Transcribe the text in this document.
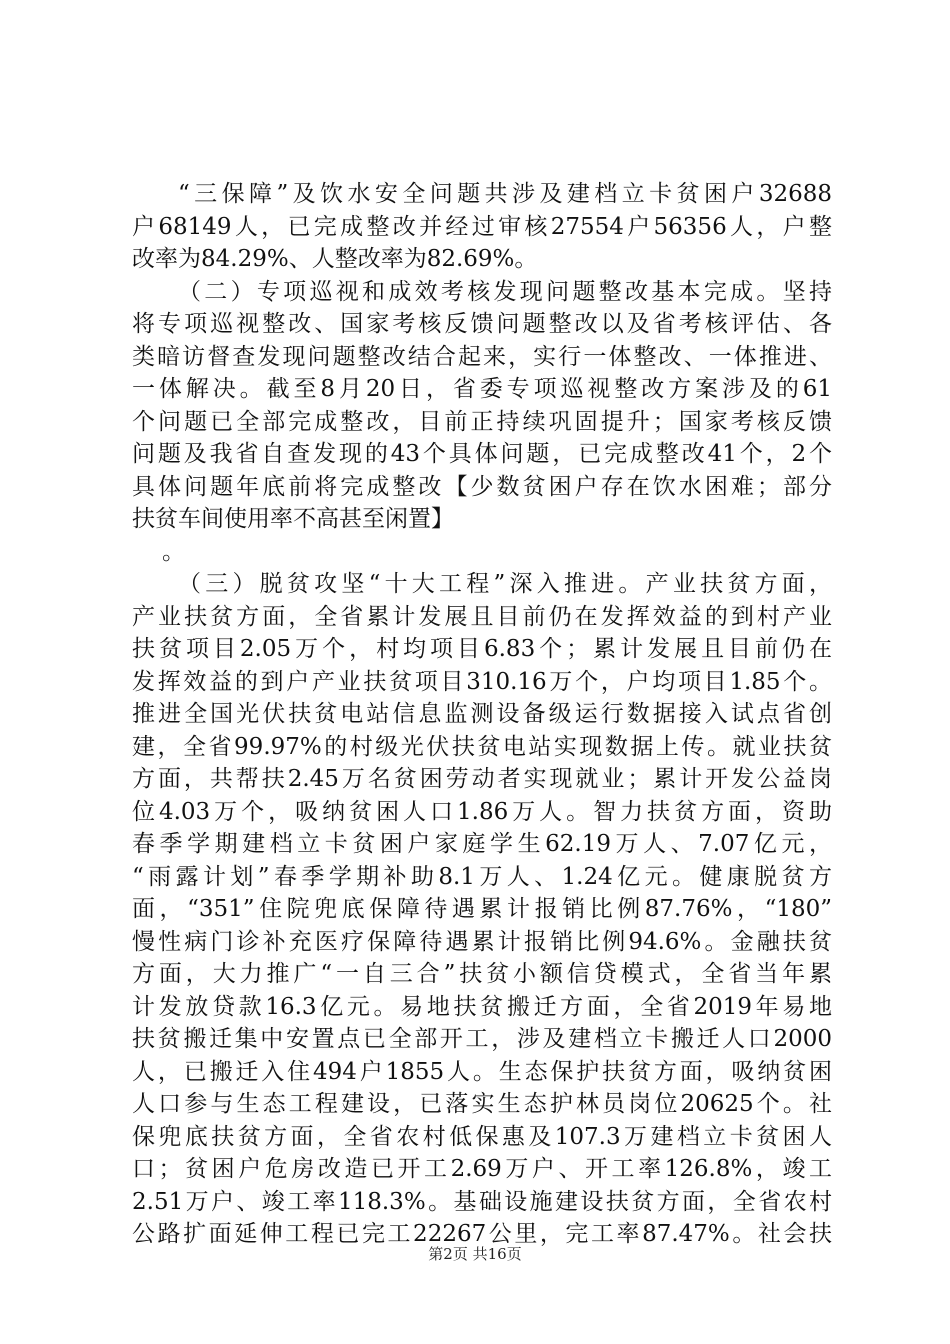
“三保障”及饮水安全问题共涉及建档立卡贫困户32688
户68149人，已完成整改并经过审核27554户56356人，户整
改率为84.29%、人整改率为82.69%。
（二）专项巡视和成效考核发现问题整改基本完成。坚持
将专项巡视整改、国家考核反馈问题整改以及省考核评估、各
类暗访督查发现问题整改结合起来，实行一体整改、一体推进、
一体解决。截至8月20日，省委专项巡视整改方案涉及的61
个问题已全部完成整改，目前正持续巩固提升；国家考核反馈
问题及我省自查发现的43个具体问题，已完成整改41个，2个
具体问题年底前将完成整改【少数贫困户存在饮水困难；部分
扶贫车间使用率不高甚至闲置】
。
（三）脱贫攻坚“十大工程”深入推进。产业扶贫方面，
产业扶贫方面，全省累计发展且目前仍在发挥效益的到村产业
扶贫项目2.05万个，村均项目6.83个；累计发展且目前仍在
发挥效益的到户产业扶贫项目310.16万个，户均项目1.85个。
推进全国光伏扶贫电站信息监测设备级运行数据接入试点省创
建，全省99.97%的村级光伏扶贫电站实现数据上传。就业扶贫
方面，共帮扶2.45万名贫困劳动者实现就业；累计开发公益岗
位4.03万个，吸纳贫困人口1.86万人。智力扶贫方面，资助
春季学期建档立卡贫困户家庭学生62.19万人、7.07亿元，
“雨露计划”春季学期补助8.1万人、1.24亿元。健康脱贫方
面，“351”住院兜底保障待遇累计报销比例87.76%，“180”
慢性病门诊补充医疗保障待遇累计报销比例94.6%。金融扶贫
方面，大力推广“一自三合”扶贫小额信贷模式，全省当年累
计发放贷款16.3亿元。易地扶贫搬迁方面，全省2019年易地
扶贫搬迁集中安置点已全部开工，涉及建档立卡搬迁人口2000
人，已搬迁入住494户1855人。生态保护扶贫方面，吸纳贫困
人口参与生态工程建设，已落实生态护林员岗位20625个。社
保兜底扶贫方面，全省农村低保惠及107.3万建档立卡贫困人
口；贫困户危房改造已开工2.69万户、开工率126.8%，竣工
2.51万户、竣工率118.3%。基础设施建设扶贫方面，全省农村
公路扩面延伸工程已完工22267公里，完工率87.47%。社会扶
第2页 共16页
